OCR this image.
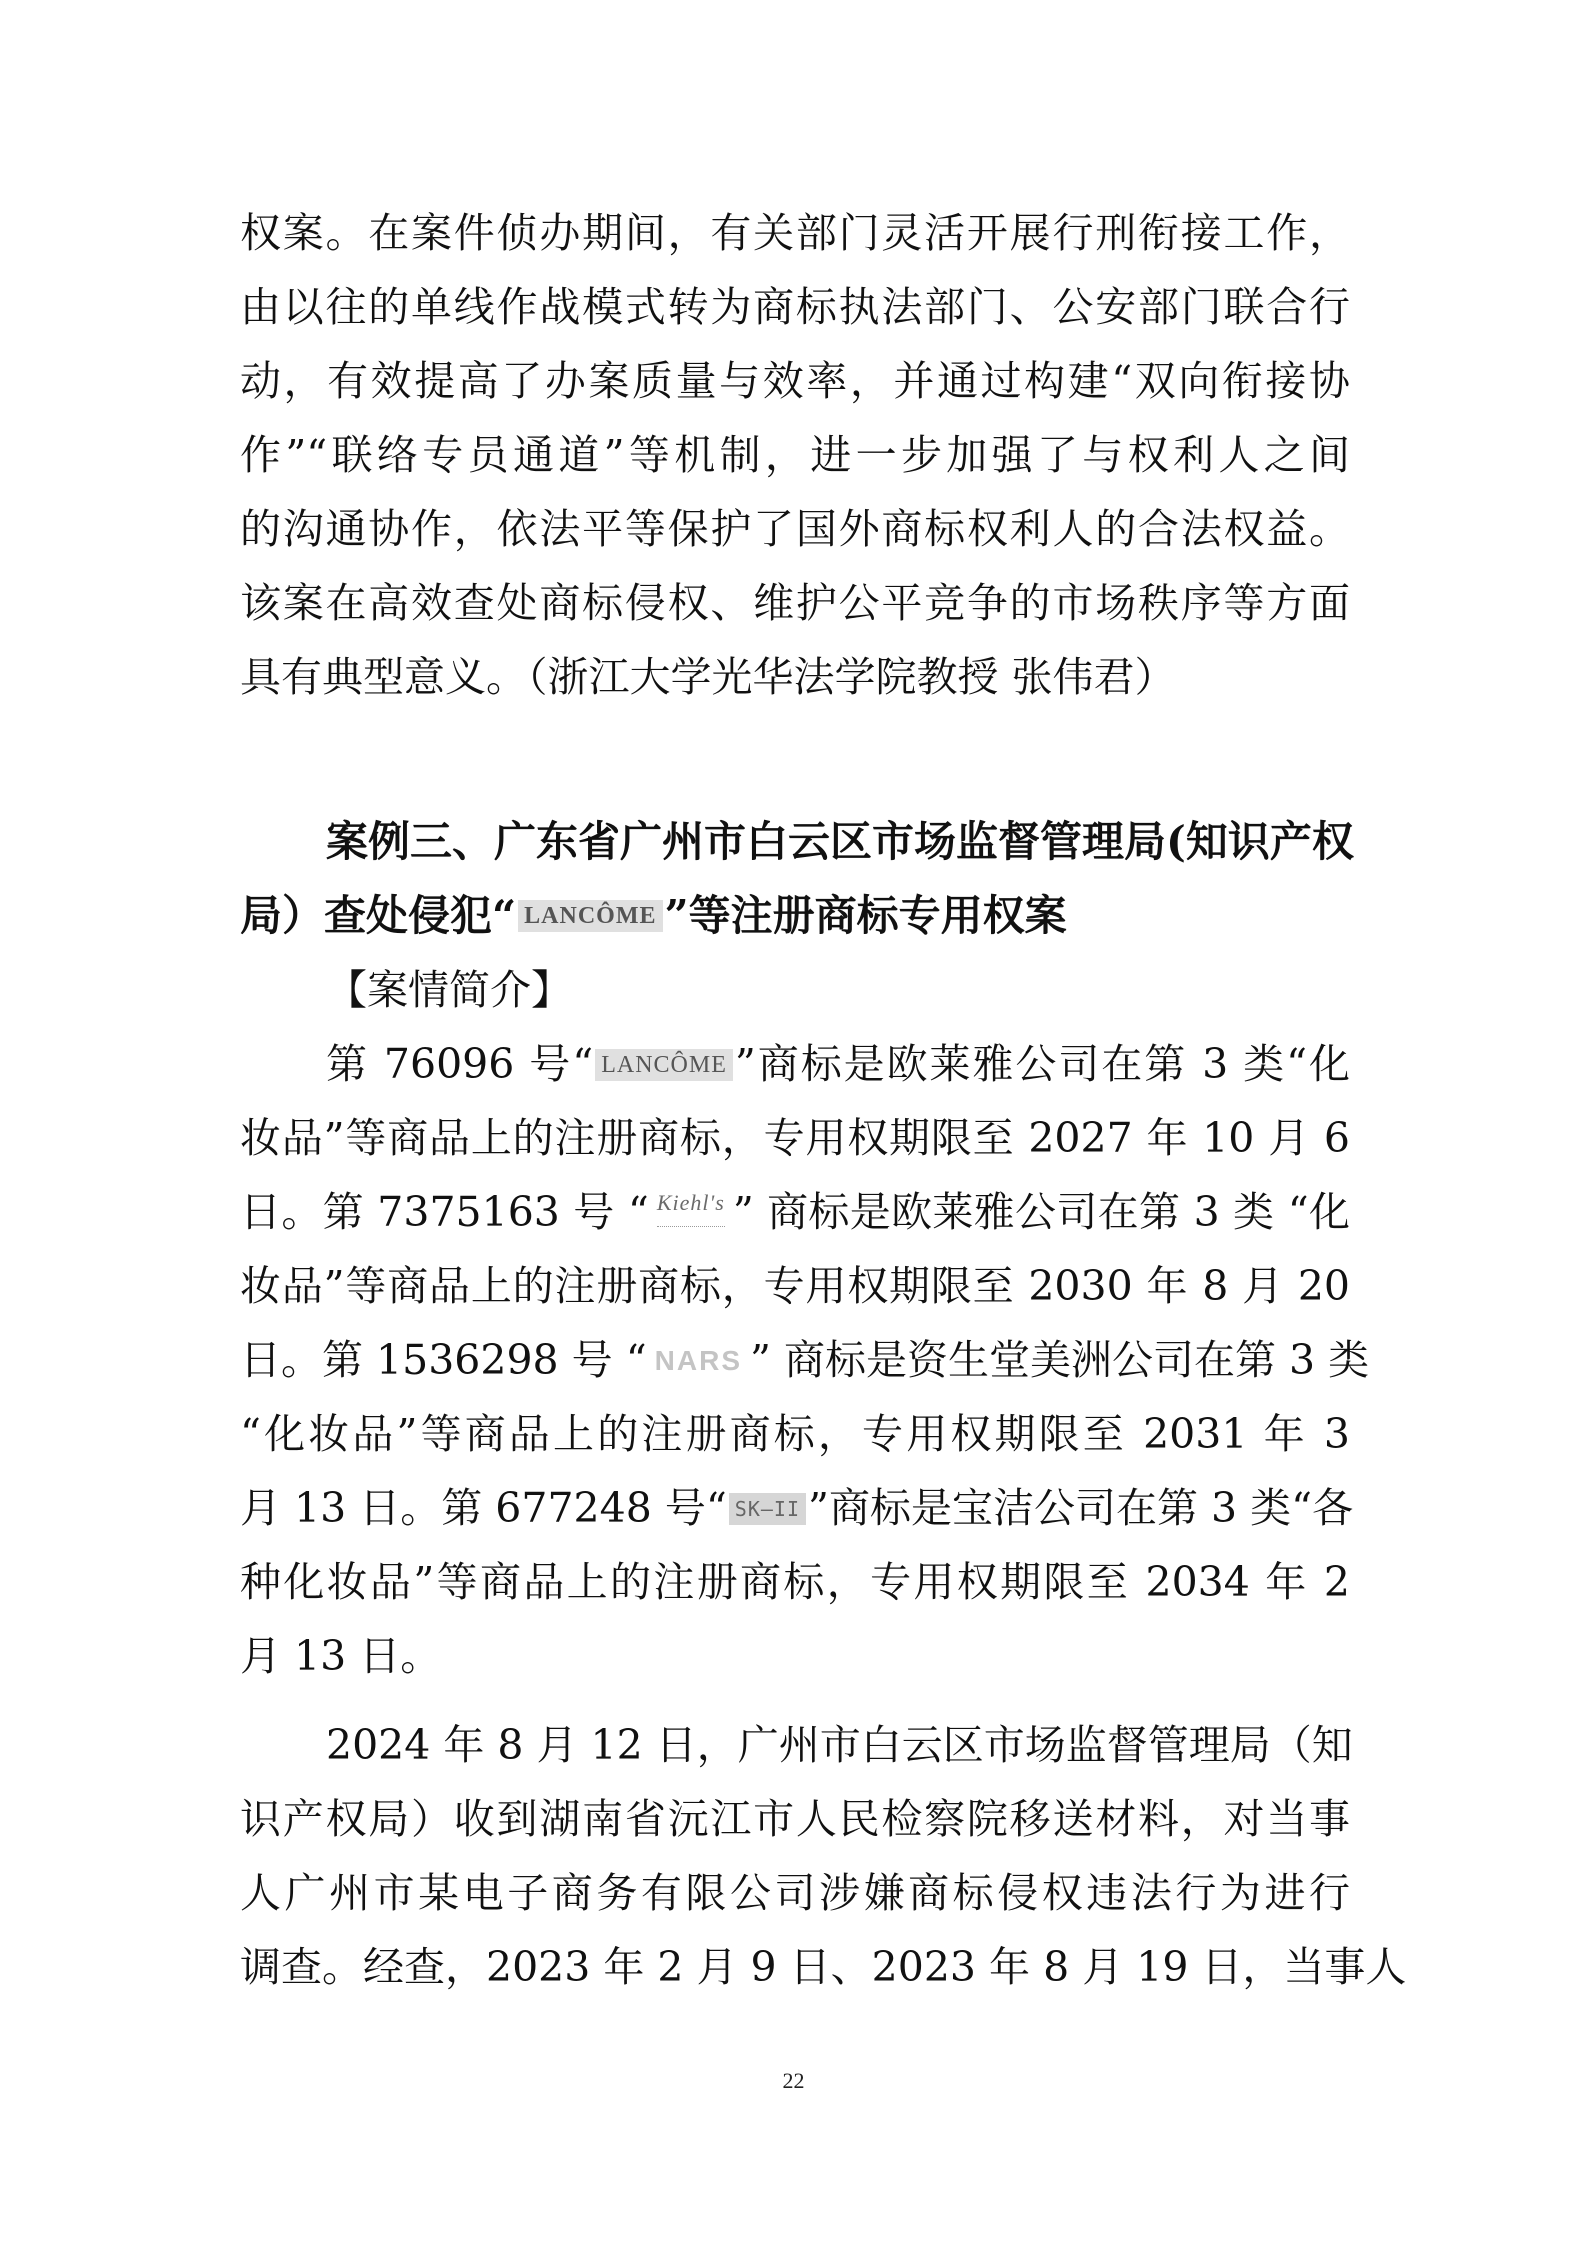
权案。在案件侦办期间，有关部门灵活开展行刑衔接工作，
由以往的单线作战模式转为商标执法部门、公安部门联合行
动，有效提高了办案质量与效率，并通过构建“双向衔接协
作”“联络专员通道”等机制，进一步加强了与权利人之间
的沟通协作，依法平等保护了国外商标权利人的合法权益。
该案在高效查处商标侵权、维护公平竞争的市场秩序等方面
具有典型意义。（浙江大学光华法学院教授 张伟君）
案例三、广东省广州市白云区市场监督管理局(知识产权
局）查处侵犯“ LANCÔME ”等注册商标专用权案
【案情简介】
第 76096 号“ LANCÔME ”商标是欧莱雅公司在第 3 类“化
妆品”等商品上的注册商标，专用权期限至 2027 年 10 月 6
日。第 7375163 号 “ Kiehl's ” 商标是欧莱雅公司在第 3 类 “化
妆品”等商品上的注册商标，专用权期限至 2030 年 8 月 20
日。第 1536298 号 “ NARS ” 商标是资生堂美洲公司在第 3 类
“化妆品”等商品上的注册商标，专用权期限至 2031 年 3
月 13 日。第 677248 号“ SK—II ”商标是宝洁公司在第 3 类“各
种化妆品”等商品上的注册商标，专用权期限至 2034 年 2
月 13 日。
2024 年 8 月 12 日，广州市白云区市场监督管理局（知
识产权局）收到湖南省沅江市人民检察院移送材料，对当事
人广州市某电子商务有限公司涉嫌商标侵权违法行为进行
调查。经查，2023 年 2 月 9 日、2023 年 8 月 19 日，当事人
22
